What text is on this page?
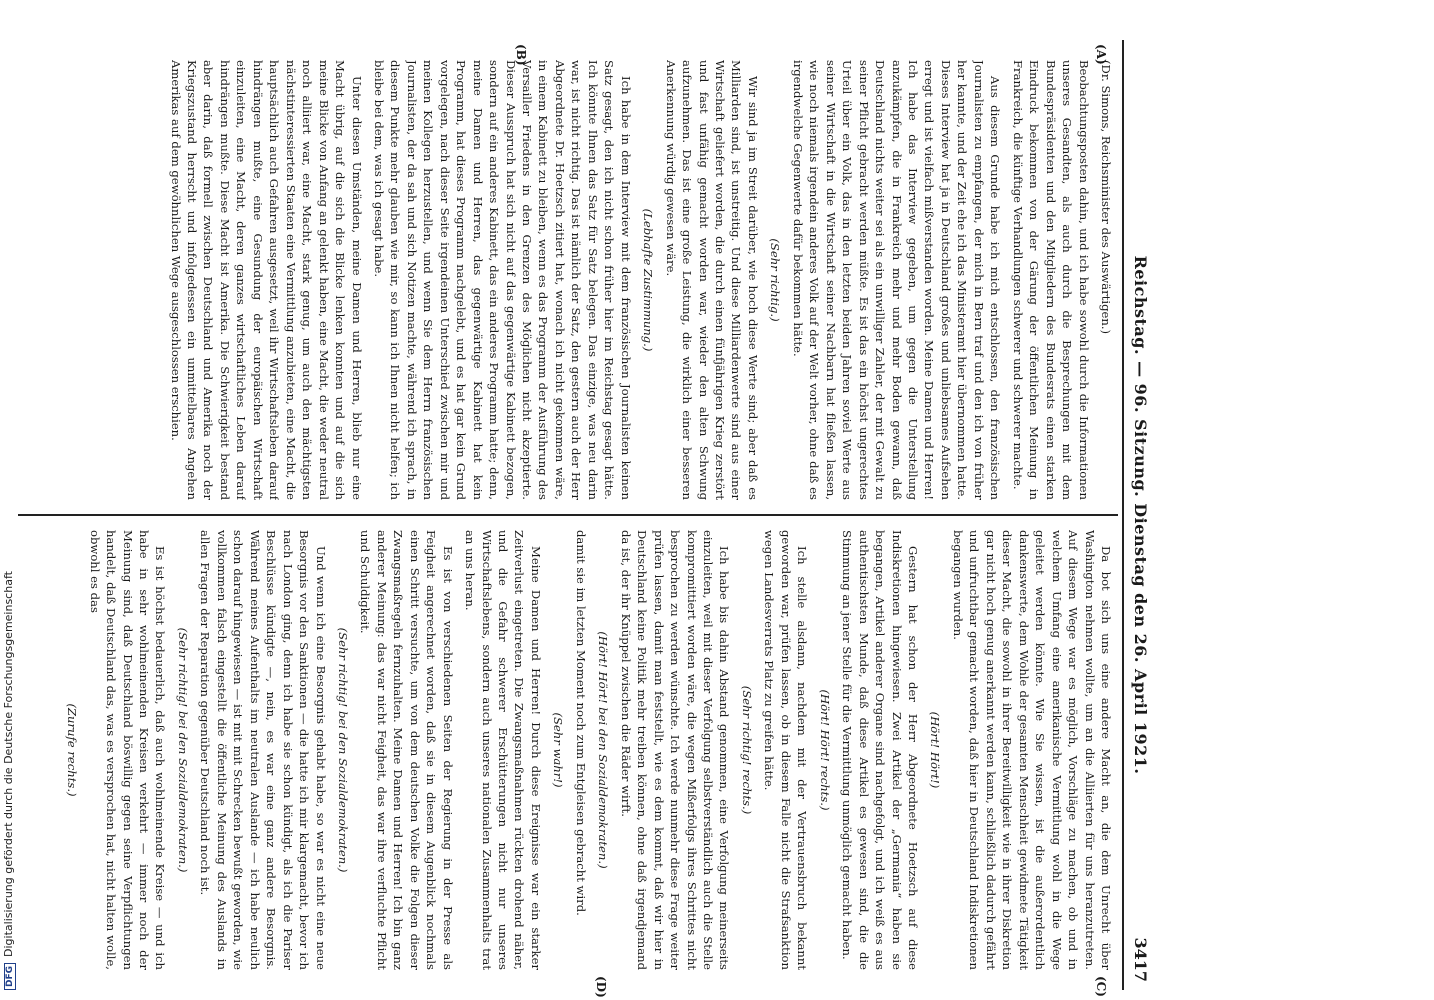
Reichstag. — 96. Sitzung. Dienstag den 26. April 1921.
3417
(A)
(B)
(C)
(D)

(Dr. Simons, Reichsminister des Auswärtigen.)

Beobachtungsposten dahin, und ich habe sowohl durch die Informationen unseres Gesandten, als auch durch die Besprechungen mit dem Bundespräsidenten und den Mitgliedern des Bundesrats einen starken Eindruck bekommen von der Gärung der öffentlichen Meinung in Frankreich, die künftige Verhandlungen schwerer und schwerer machte.

Aus diesem Grunde habe ich mich entschlossen, den französischen Journalisten zu empfangen, der mich in Bern traf und den ich von früher her kannte, und der Zeit ehe ich das Ministeramt hier übernommen hatte. Dieses Interview hat ja in Deutschland großes und unliebsames Aufsehen erregt und ist vielfach mißverstanden worden. Meine Damen und Herren! Ich habe das Interview gegeben, um gegen die Unterstellung anzukämpfen, die in Frankreich mehr und mehr Boden gewann, daß Deutschland nichts weiter sei als ein unwilliger Zahler, der mit Gewalt zu seiner Pflicht gebracht werden müßte. Es ist das ein höchst ungerechtes Urteil über ein Volk, das in den letzten beiden Jahren soviel Werte aus seiner Wirtschaft in die Wirtschaft seiner Nachbarn hat fließen lassen, wie noch niemals irgendein anderes Volk auf der Welt vorher, ohne daß es irgendwelche Gegenwerte dafür bekommen hätte.

(Sehr richtig.)

Wir sind ja im Streit darüber, wie hoch diese Werte sind; aber daß es Milliarden sind, ist unstreitig. Und diese Milliardenwerte sind aus einer Wirtschaft geliefert worden, die durch einen fünfjährigen Krieg zerstört und fast unfähig gemacht worden war, wieder den alten Schwung aufzunehmen. Das ist eine große Leistung, die wirklich einer besseren Anerkennung würdig gewesen wäre.

(Lebhafte Zustimmung.)

Ich habe in dem Interview mit dem französischen Journalisten keinen Satz gesagt, den ich nicht schon früher hier im Reichstag gesagt hätte. Ich könnte Ihnen das Satz für Satz belegen. Das einzige, was neu darin war, ist nicht richtig. Das ist nämlich der Satz, den gestern auch der Herr Abgeordnete Dr. Hoetzsch zitiert hat, wonach ich nicht gekommen wäre, in einem Kabinett zu bleiben, wenn es das Programm der Ausführung des Versailler Friedens in den Grenzen des Möglichen nicht akzeptierte. Dieser Ausspruch hat sich nicht auf das gegenwärtige Kabinett bezogen, sondern auf ein anderes Kabinett, das ein anderes Programm hatte; denn, meine Damen und Herren, das gegenwärtige Kabinett hat kein Programm, hat dieses Programm nachgelebt, und es hat gar kein Grund vorgelegen, nach dieser Seite irgendeinen Unterschied zwischen mir und meinen Kollegen herzustellen, und wenn Sie dem Herrn französischen Journalisten, der da sah und sich Notizen machte, während ich sprach, in diesem Punkte mehr glauben wie mir, so kann ich Ihnen nicht helfen; ich bleibe bei dem, was ich gesagt habe.

Unter diesen Umständen, meine Damen und Herren, blieb nur eine Macht übrig, auf die sich die Blicke lenken konnten und auf die sich meine Blicke von Anfang an gelenkt haben, eine Macht, die weder neutral noch alliiert war, eine Macht, stark genug, um auch den mächtigsten nächstinteressierten Staaten eine Vermittlung anzubieten, eine Macht, die hauptsächlich auch Gefahren ausgesetzt, weil ihr Wirtschaftsleben darauf hindrängen mußte, eine Gesundung der europäischen Wirtschaft einzuleiten, eine Macht, deren ganzes wirtschaftliches Leben darauf hindrängen mußte. Diese Macht ist Amerika. Die Schwierigkeit bestand aber darin, daß formell zwischen Deutschland und Amerika noch der Kriegszustand herrscht und infolgedessen ein unmittelbares Angehen Amerikas auf dem gewöhnlichen Wege ausgeschlossen erschien.

Da bot sich uns eine andere Macht an, die dem Unrecht über Washington nehmen wollte, um an die Alliierten für uns heranzutreten. Auf diesem Wege war es möglich, Vorschläge zu machen, ob und in welchem Umfang eine amerikanische Vermittlung wohl in die Wege geleitet werden könnte. Wie Sie wissen, ist die außerordentlich dankenswerte, dem Wohle der gesamten Menschheit gewidmete Tätigkeit dieser Macht, die sowohl in ihrer Bereitwilligkeit wie in ihrer Diskretion gar nicht hoch genug anerkannt werden kann, schließlich dadurch gefährt und unfruchtbar gemacht worden, daß hier in Deutschland Indiskretionen begangen wurden.

(Hört! Hört!)

Gestern hat schon der Herr Abgeordnete Hoetzsch auf diese Indiskretionen hingewiesen. Zwei Artikel der „Germania“ haben sie begangen, Artikel anderer Organe sind nachgefolgt, und ich weiß es aus authentischsten Munde, daß diese Artikel es gewesen sind, die die Stimmung an jener Stelle für die Vermittlung unmöglich gemacht haben.

(Hört! Hört! rechts.)

Ich stelle alsdann, nachdem mit der Vertrauensbruch bekannt geworden war, prüfen lassen, ob in diesem Falle nicht die Strafsanktion wegen Landesverrats Platz zu greifen hätte.

(Sehr richtig! rechts.)

Ich habe bis dahin Abstand genommen, eine Verfolgung meinerseits einzuleiten, weil mit dieser Verfolgung selbstverständlich auch die Stelle kompromittiert worden wäre, die wegen Mißerfolgs ihres Schrittes nicht besprochen zu werden wünschte. Ich werde nunmehr diese Frage weiter prüfen lassen, damit man feststellt, wie es dem kommt, daß wir hier in Deutschland keine Politik mehr treiben können, ohne daß irgendjemand da ist, der ihr Knüppel zwischen die Räder wirft.

(Hört! Hört! bei den Sozialdemokraten.)

damit sie im letzten Moment noch zum Entgleisen gebracht wird.

(Sehr wahr!)

Meine Damen und Herren! Durch diese Ereignisse war ein starker Zeitverlust eingetreten. Die Zwangsmaßnahmen rückten drohend näher, und die Gefahr schwerer Erschütterungen nicht nur unseres Wirtschaftslebens, sondern auch unseres nationalen Zusammenhalts trat an uns heran.

Es ist von verschiedenen Seiten der Regierung in der Presse als Feigheit angerechnet worden, daß sie in diesem Augenblick nochmals einen Schritt versuchte, um von dem deutschen Volke die Folgen dieser Zwangsmaßregeln fernzuhalten. Meine Damen und Herren! Ich bin ganz anderer Meinung: das war nicht Feigheit, das war ihre verfluchte Pflicht und Schuldigkeit.

(Sehr richtig! bei den Sozialdemokraten.)

Und wenn ich eine Besorgnis gehabt habe, so war es nicht eine neue Besorgnis vor den Sanktionen — die hatte ich mir klargemacht, bevor ich nach London ging, denn ich habe sie schon kündigt, als ich die Pariser Beschlüsse kündigte —, nein, es war eine ganz andere Besorgnis. Während meines Aufenthalts im neutralen Auslande — ich habe neulich schon darauf hingewiesen — ist mit mit Schrecken bewußt geworden, wie vollkommen falsch eingestellt die öffentliche Meinung des Auslands in allen Fragen der Reparation gegenüber Deutschland noch ist.

(Sehr richtig! bei den Sozialdemokraten.)

Es ist höchst bedauerlich, daß auch wohlmeinende Kreise — und ich habe in sehr wohlmeinenden Kreisen verkehrt — immer noch der Meinung sind, daß Deutschland böswillig gegen seine Verpflichtungen handelt, daß Deutschland das, was es versprochen hat, nicht halten wolle, obwohl es das

(Zurufe rechts.)

DFGDigitalisierung gefördert durch die Deutsche Forschungsgemeinschaft
